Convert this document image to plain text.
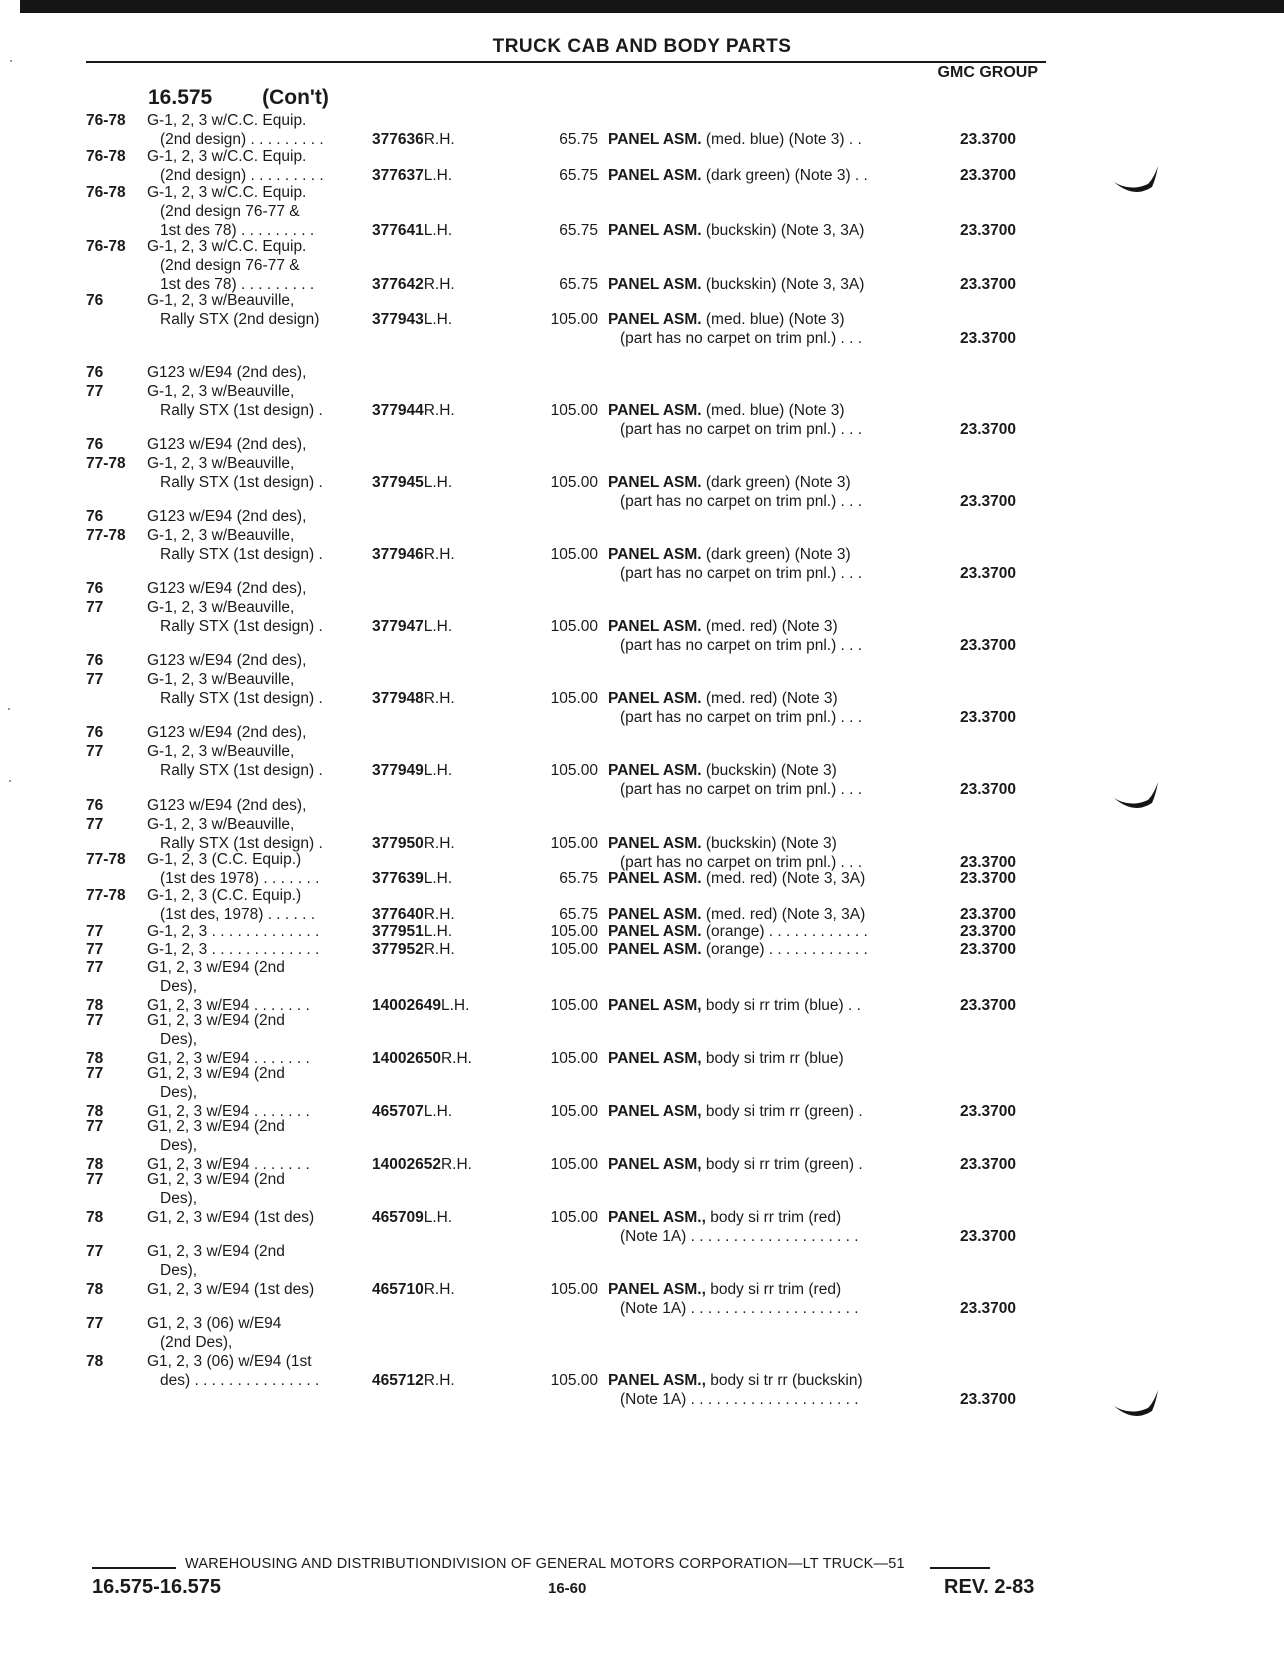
TRUCK CAB AND BODY PARTS
GMC GROUP
16.575 (Con't)
76-78 G-1, 2, 3 w/C.C. Equip.
(2nd design) . . . . . . . . .	377636R.H.	65.75 PANEL ASM. (med. blue) (Note 3) . .	23.3700
76-78 G-1, 2, 3 w/C.C. Equip.
(2nd design) . . . . . . . . .	377637L.H.	65.75 PANEL ASM. (dark green) (Note 3) . .	23.3700
76-78 G-1, 2, 3 w/C.C. Equip.
(2nd design 76-77 &
1st des 78) . . . . . . . . .	377641L.H.	65.75 PANEL ASM. (buckskin) (Note 3, 3A)	23.3700
76-78 G-1, 2, 3 w/C.C. Equip.
(2nd design 76-77 &
1st des 78) . . . . . . . . .	377642R.H.	65.75 PANEL ASM. (buckskin) (Note 3, 3A)	23.3700
76	G-1, 2, 3 w/Beauville,
Rally STX (2nd design)	377943L.H.	105.00 PANEL ASM. (med. blue) (Note 3)
(part has no carpet on trim pnl.) . . .	23.3700
76	G123 w/E94 (2nd des),
77	G-1, 2, 3 w/Beauville,
Rally STX (1st design) .	377944R.H.	105.00 PANEL ASM. (med. blue) (Note 3)
(part has no carpet on trim pnl.) . . .	23.3700
76	G123 w/E94 (2nd des),
77-78 G-1, 2, 3 w/Beauville,
Rally STX (1st design) .	377945L.H.	105.00 PANEL ASM. (dark green) (Note 3)
(part has no carpet on trim pnl.) . . .	23.3700
76	G123 w/E94 (2nd des),
77-78 G-1, 2, 3 w/Beauville,
Rally STX (1st design) .	377946R.H.	105.00 PANEL ASM. (dark green) (Note 3)
(part has no carpet on trim pnl.) . . .	23.3700
76	G123 w/E94 (2nd des),
77	G-1, 2, 3 w/Beauville,
Rally STX (1st design) .	377947L.H.	105.00 PANEL ASM. (med. red) (Note 3)
(part has no carpet on trim pnl.) . . .	23.3700
76	G123 w/E94 (2nd des),
77	G-1, 2, 3 w/Beauville,
Rally STX (1st design) .	377948R.H.	105.00 PANEL ASM. (med. red) (Note 3)
(part has no carpet on trim pnl.) . . .	23.3700
76	G123 w/E94 (2nd des),
77	G-1, 2, 3 w/Beauville,
Rally STX (1st design) .	377949L.H.	105.00 PANEL ASM. (buckskin) (Note 3)
(part has no carpet on trim pnl.) . . .	23.3700
76	G123 w/E94 (2nd des),
77	G-1, 2, 3 w/Beauville,
Rally STX (1st design) .	377950R.H.	105.00 PANEL ASM. (buckskin) (Note 3)
(part has no carpet on trim pnl.) . . .	23.3700
77-78 G-1, 2, 3 (C.C. Equip.)
(1st des 1978) . . . . . . .	377639L.H.	65.75 PANEL ASM. (med. red) (Note 3, 3A)	23.3700
77-78 G-1, 2, 3 (C.C. Equip.)
(1st des, 1978) . . . . . .	377640R.H.	65.75 PANEL ASM. (med. red) (Note 3, 3A)	23.3700
77	G-1, 2, 3 . . . . . . . . . . . . .	377951L.H.	105.00 PANEL ASM. (orange) . . . . . . . . . . . .	23.3700
77	G-1, 2, 3 . . . . . . . . . . . . .	377952R.H.	105.00 PANEL ASM. (orange) . . . . . . . . . . . .	23.3700
77	G1, 2, 3 w/E94 (2nd
Des),
78	G1, 2, 3 w/E94 . . . . . . .	14002649L.H.	105.00 PANEL ASM, body si rr trim (blue) . .	23.3700
77	G1, 2, 3 w/E94 (2nd
Des),
78	G1, 2, 3 w/E94 . . . . . . .	14002650R.H.	105.00 PANEL ASM, body si trim rr (blue)
77	G1, 2, 3 w/E94 (2nd
Des),
78	G1, 2, 3 w/E94 . . . . . . .	465707L.H.	105.00 PANEL ASM, body si trim rr (green) .	23.3700
77	G1, 2, 3 w/E94 (2nd
Des),
78	G1, 2, 3 w/E94 . . . . . . .	14002652R.H.	105.00 PANEL ASM, body si rr trim (green) .	23.3700
77	G1, 2, 3 w/E94 (2nd
Des),
78	G1, 2, 3 w/E94 (1st des)	465709L.H.	105.00 PANEL ASM., body si rr trim (red)
(Note 1A) . . . . . . . . . . . . . . . . . . . .	23.3700
77	G1, 2, 3 w/E94 (2nd
Des),
78	G1, 2, 3 w/E94 (1st des)	465710R.H.	105.00 PANEL ASM., body si rr trim (red)
(Note 1A) . . . . . . . . . . . . . . . . . . . .	23.3700
77	G1, 2, 3 (06) w/E94
(2nd Des),
78	G1, 2, 3 (06) w/E94 (1st
des) . . . . . . . . . . . . . . .	465712R.H.	105.00 PANEL ASM., body si tr rr (buckskin)
(Note 1A) . . . . . . . . . . . . . . . . . . . .	23.3700
WAREHOUSING AND DISTRIBUTIONDIVISION OF GENERAL MOTORS CORPORATION—LT TRUCK—51
16.575-16.575	16-60	REV. 2-83
